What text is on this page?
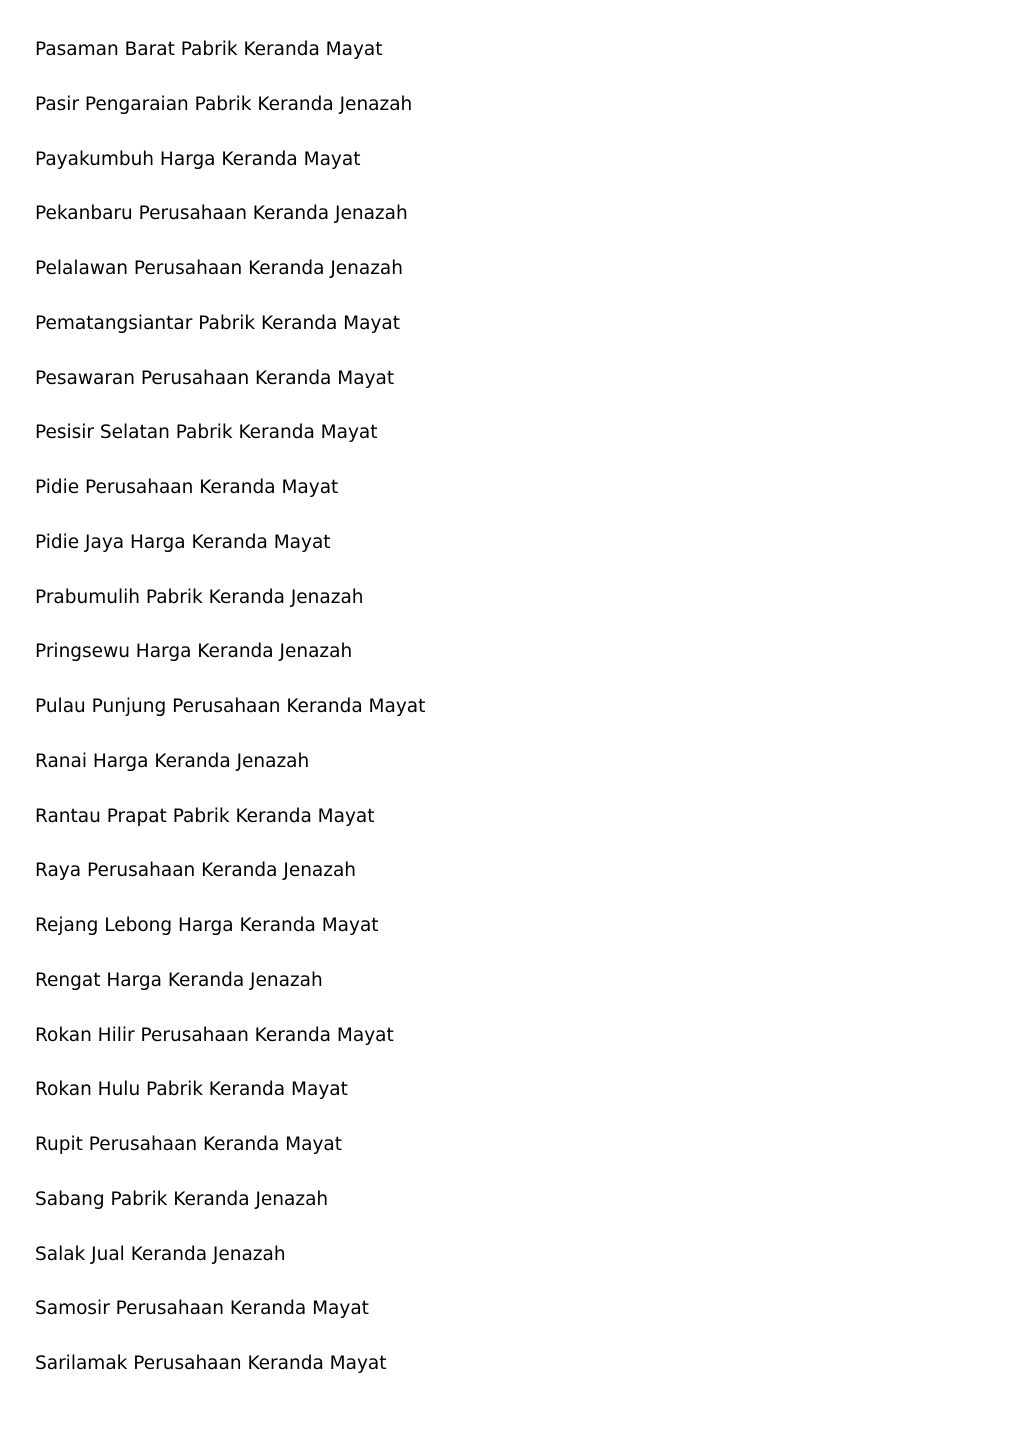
Pasaman Barat Pabrik Keranda Mayat
Pasir Pengaraian Pabrik Keranda Jenazah
Payakumbuh Harga Keranda Mayat
Pekanbaru Perusahaan Keranda Jenazah
Pelalawan Perusahaan Keranda Jenazah
Pematangsiantar Pabrik Keranda Mayat
Pesawaran Perusahaan Keranda Mayat
Pesisir Selatan Pabrik Keranda Mayat
Pidie Perusahaan Keranda Mayat
Pidie Jaya Harga Keranda Mayat
Prabumulih Pabrik Keranda Jenazah
Pringsewu Harga Keranda Jenazah
Pulau Punjung Perusahaan Keranda Mayat
Ranai Harga Keranda Jenazah
Rantau Prapat Pabrik Keranda Mayat
Raya Perusahaan Keranda Jenazah
Rejang Lebong Harga Keranda Mayat
Rengat Harga Keranda Jenazah
Rokan Hilir Perusahaan Keranda Mayat
Rokan Hulu Pabrik Keranda Mayat
Rupit Perusahaan Keranda Mayat
Sabang Pabrik Keranda Jenazah
Salak Jual Keranda Jenazah
Samosir Perusahaan Keranda Mayat
Sarilamak Perusahaan Keranda Mayat
